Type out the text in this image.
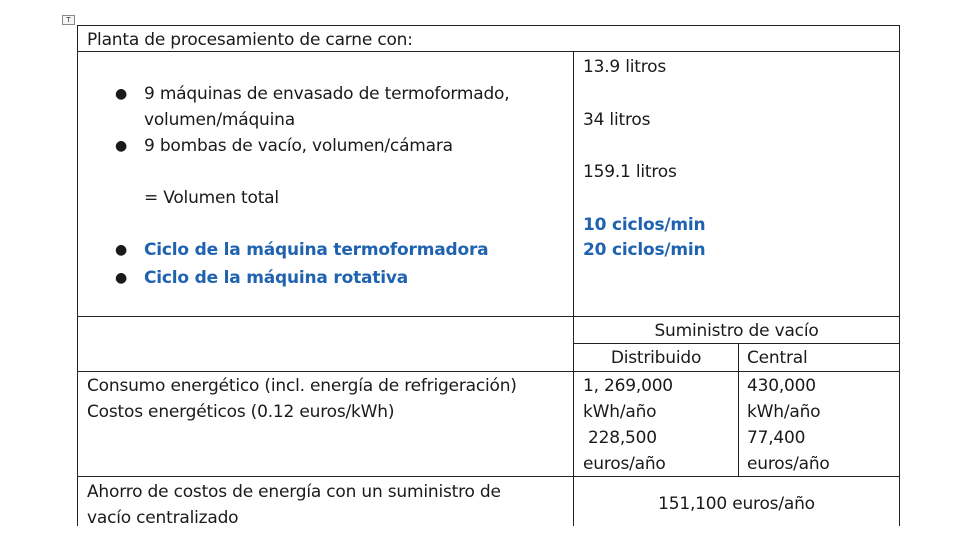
T
Planta de procesamiento de carne con:
● 9 máquinas de envasado de termoformado,
volumen/máquina
● 9 bombas de vacío, volumen/cámara
= Volumen total
● Ciclo de la máquina termoformadora
● Ciclo de la máquina rotativa
13.9 litros
34 litros
159.1 litros
10 ciclos/min
20 ciclos/min
Suministro de vacío
Distribuido	Central
Consumo energético (incl. energía de refrigeración)
Costos energéticos (0.12 euros/kWh)
1, 269,000
kWh/año
228,500
euros/año
430,000
kWh/año
77,400
euros/año
Ahorro de costos de energía con un suministro de
vacío centralizado
151,100 euros/año
